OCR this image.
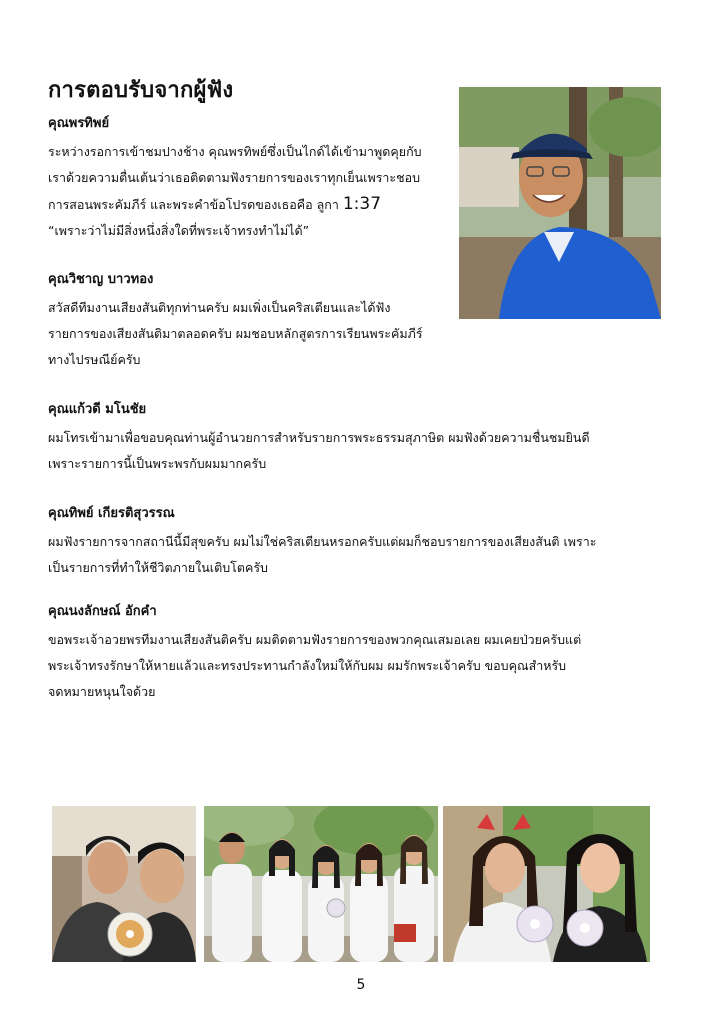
การตอบรับจากผู้ฟัง
คุณพรทิพย์

ระหว่างรอการเข้าชมปางช้าง คุณพรทิพย์ซึ่งเป็นไกด์ได้เข้ามาพูดคุยกับ

เราด้วยความตื่นเต้นว่าเธอติดตามฟังรายการของเราทุกเย็นเพราะชอบ

การสอนพระคัมภีร์ และพระคำข้อโปรดของเธอคือ ลูกา 1:37

“เพราะว่าไม่มีสิ่งหนึ่งสิ่งใดที่พระเจ้าทรงทำไม่ได้”

คุณวิชาญ บาวทอง

สวัสดีทีมงานเสียงสันติทุกท่านครับ ผมเพิ่งเป็นคริสเตียนและได้ฟัง

รายการของเสียงสันติมาตลอดครับ ผมชอบหลักสูตรการเรียนพระคัมภีร์

ทางไปรษณีย์ครับ

คุณแก้วดี มโนชัย

ผมโทรเข้ามาเพื่อขอบคุณท่านผู้อำนวยการสำหรับรายการพระธรรมสุภาษิต ผมฟังด้วยความชื่นชมยินดี

เพราะรายการนี้เป็นพระพรกับผมมากครับ

คุณทิพย์ เกียรติสุวรรณ

ผมฟังรายการจากสถานีนี้มีสุขครับ ผมไม่ใช่คริสเตียนหรอกครับแต่ผมก็ชอบรายการของเสียงสันติ เพราะ

เป็นรายการที่ทำให้ชีวิตภายในเติบโตครับ

คุณนงลักษณ์ อักคำ

ขอพระเจ้าอวยพรทีมงานเสียงสันติครับ ผมติดตามฟังรายการของพวกคุณเสมอเลย ผมเคยป่วยครับแต่

พระเจ้าทรงรักษาให้หายแล้วและทรงประทานกำลังใหม่ให้กับผม ผมรักพระเจ้าครับ ขอบคุณสำหรับ

จดหมายหนุนใจด้วย

5
